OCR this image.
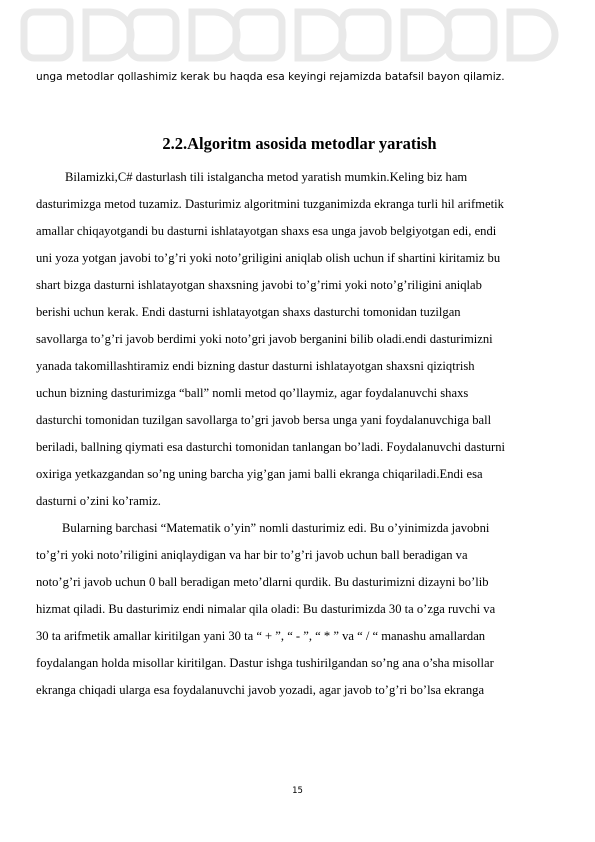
unga metodlar qollashimiz kerak bu haqda esa keyingi rejamizda batafsil bayon qilamiz.
2.2.Algoritm asosida metodlar yaratish
Bilamizki,C# dasturlash tili istalgancha metod yaratish mumkin.Keling biz ham
dasturimizga metod tuzamiz. Dasturimiz algoritmini tuzganimizda ekranga turli hil arifmetik
amallar chiqayotgandi bu dasturni ishlatayotgan shaxs esa unga javob belgiyotgan edi, endi
uni yoza yotgan javobi to’g’ri yoki noto’griligini aniqlab olish uchun if shartini kiritamiz bu
shart bizga dasturni ishlatayotgan shaxsning javobi to’g’rimi yoki noto’g’riligini aniqlab
berishi uchun kerak. Endi dasturni ishlatayotgan shaxs dasturchi tomonidan tuzilgan
savollarga to’g’ri javob berdimi yoki noto’gri javob berganini bilib oladi.endi dasturimizni
yanada takomillashtiramiz endi bizning dastur dasturni ishlatayotgan shaxsni qiziqtrish
uchun bizning dasturimizga “ball” nomli metod qo’llaymiz, agar foydalanuvchi shaxs
dasturchi tomonidan tuzilgan savollarga to’gri javob bersa unga yani foydalanuvchiga ball
beriladi, ballning qiymati esa dasturchi tomonidan tanlangan bo’ladi. Foydalanuvchi dasturni
oxiriga yetkazgandan so’ng uning barcha yig’gan jami balli ekranga chiqariladi.Endi esa
dasturni o’zini ko’ramiz.
Bularning barchasi “Matematik o’yin” nomli dasturimiz edi. Bu o’yinimizda javobni
to’g’ri yoki noto’riligini aniqlaydigan va har bir to’g’ri javob uchun ball beradigan va
noto’g’ri javob uchun 0 ball beradigan meto’dlarni qurdik. Bu dasturimizni dizayni bo’lib
hizmat qiladi. Bu dasturimiz endi nimalar qila oladi: Bu dasturimizda 30 ta o’zga ruvchi va
30 ta arifmetik amallar kiritilgan yani 30 ta “ + ”, “ - ”, “ * ” va “ / “ manashu amallardan
foydalangan holda misollar kiritilgan. Dastur ishga tushirilgandan so’ng ana o’sha misollar
ekranga chiqadi ularga esa foydalanuvchi javob yozadi, agar javob to’g’ri bo’lsa ekranga
15
